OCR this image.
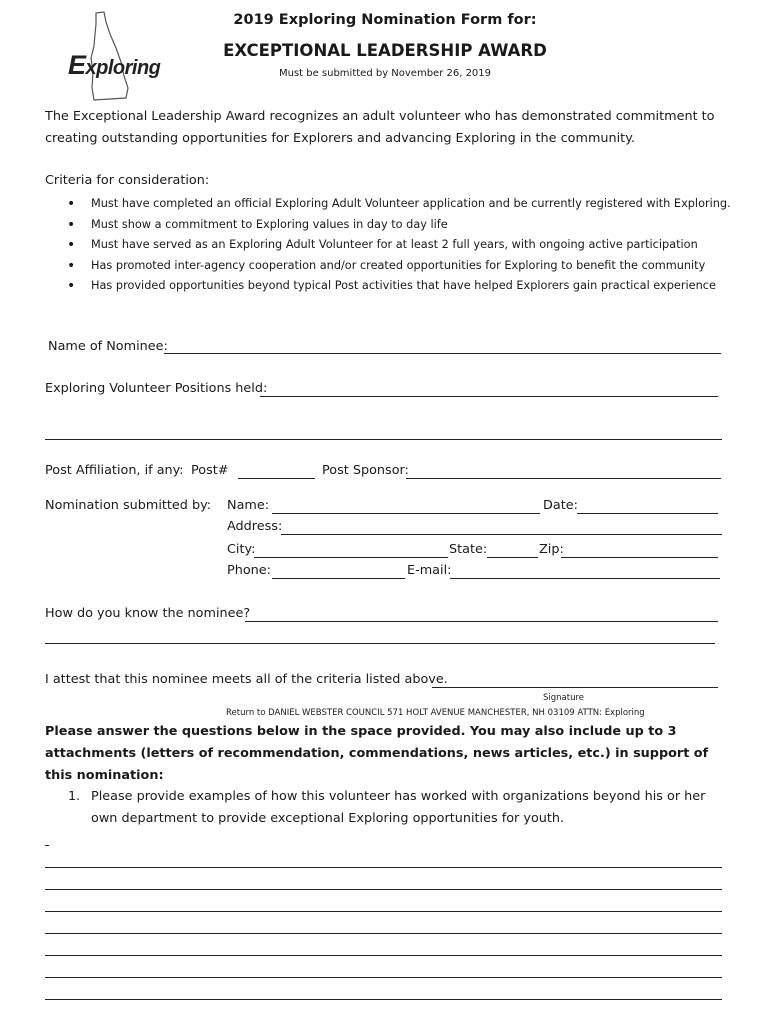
Exploring
2019 Exploring Nomination Form for:
EXCEPTIONAL LEADERSHIP AWARD
Must be submitted by November 26, 2019
The Exceptional Leadership Award recognizes an adult volunteer who has demonstrated commitment to creating outstanding opportunities for Explorers and advancing Exploring in the community.
Criteria for consideration:
• Must have completed an official Exploring Adult Volunteer application and be currently registered with Exploring.
• Must show a commitment to Exploring values in day to day life
• Must have served as an Exploring Adult Volunteer for at least 2 full years, with ongoing active participation
• Has promoted inter-agency cooperation and/or created opportunities for Exploring to benefit the community
• Has provided opportunities beyond typical Post activities that have helped Explorers gain practical experience
Name of Nominee:
Exploring Volunteer Positions held:
Post Affiliation, if any: Post#	Post Sponsor:
Nomination submitted by: Name:	Date:
Address:
City:	State:	Zip:
Phone:	E-mail:
How do you know the nominee?
I attest that this nominee meets all of the criteria listed above.
Signature
Return to DANIEL WEBSTER COUNCIL 571 HOLT AVENUE MANCHESTER, NH 03109 ATTN: Exploring
Please answer the questions below in the space provided. You may also include up to 3 attachments (letters of recommendation, commendations, news articles, etc.) in support of this nomination:
1. Please provide examples of how this volunteer has worked with organizations beyond his or her own department to provide exceptional Exploring opportunities for youth.
